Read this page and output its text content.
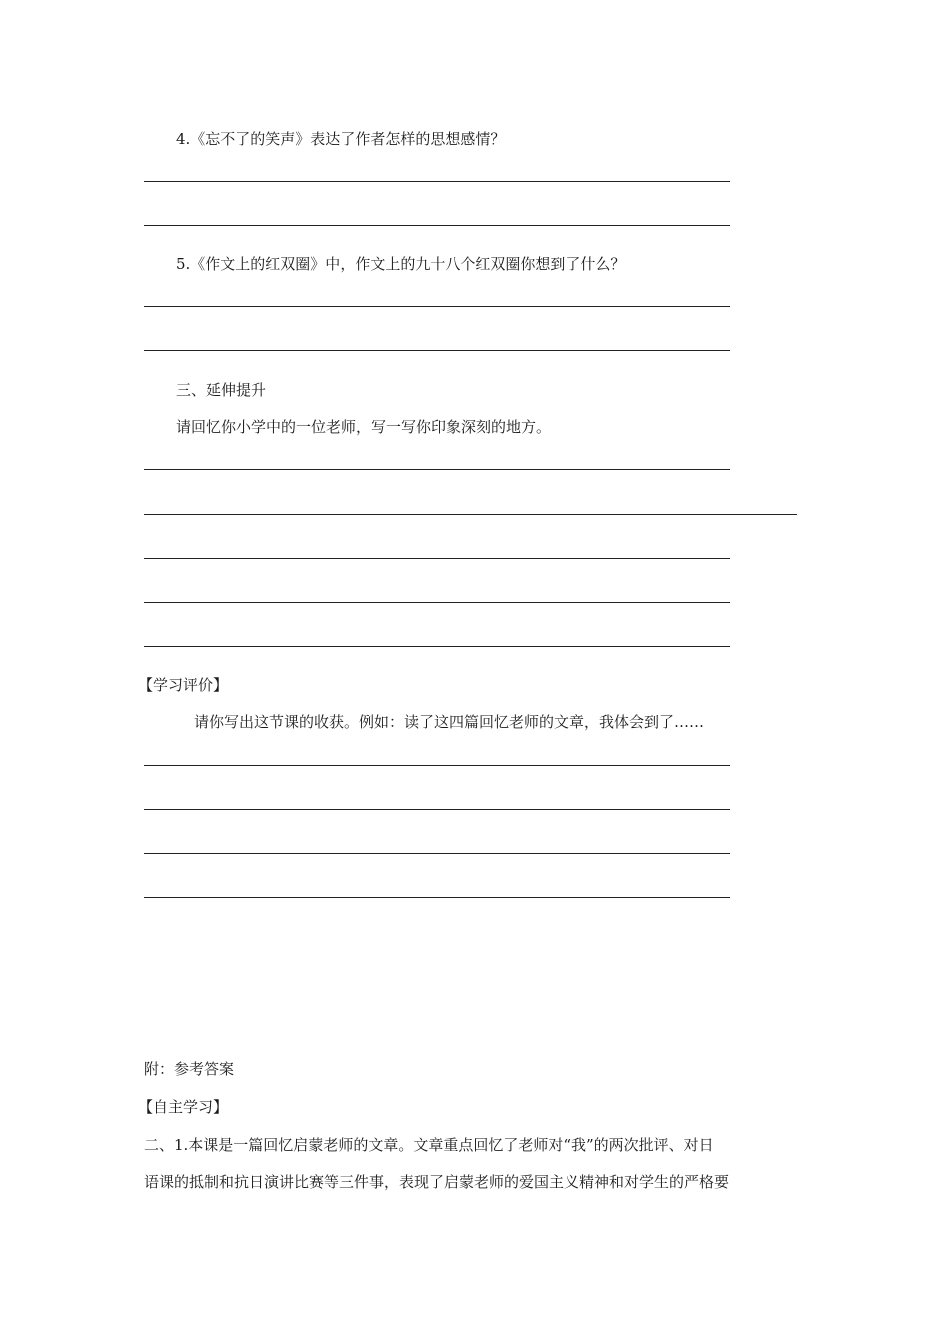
4.《忘不了的笑声》表达了作者怎样的思想感情？
5.《作文上的红双圈》中，作文上的九十八个红双圈你想到了什么？
三、延伸提升
请回忆你小学中的一位老师，写一写你印象深刻的地方。
【学习评价】
请你写出这节课的收获。例如：读了这四篇回忆老师的文章，我体会到了……
附：参考答案
【自主学习】
二、1.本课是一篇回忆启蒙老师的文章。文章重点回忆了老师对“我”的两次批评、对日
语课的抵制和抗日演讲比赛等三件事，表现了启蒙老师的爱国主义精神和对学生的严格要
